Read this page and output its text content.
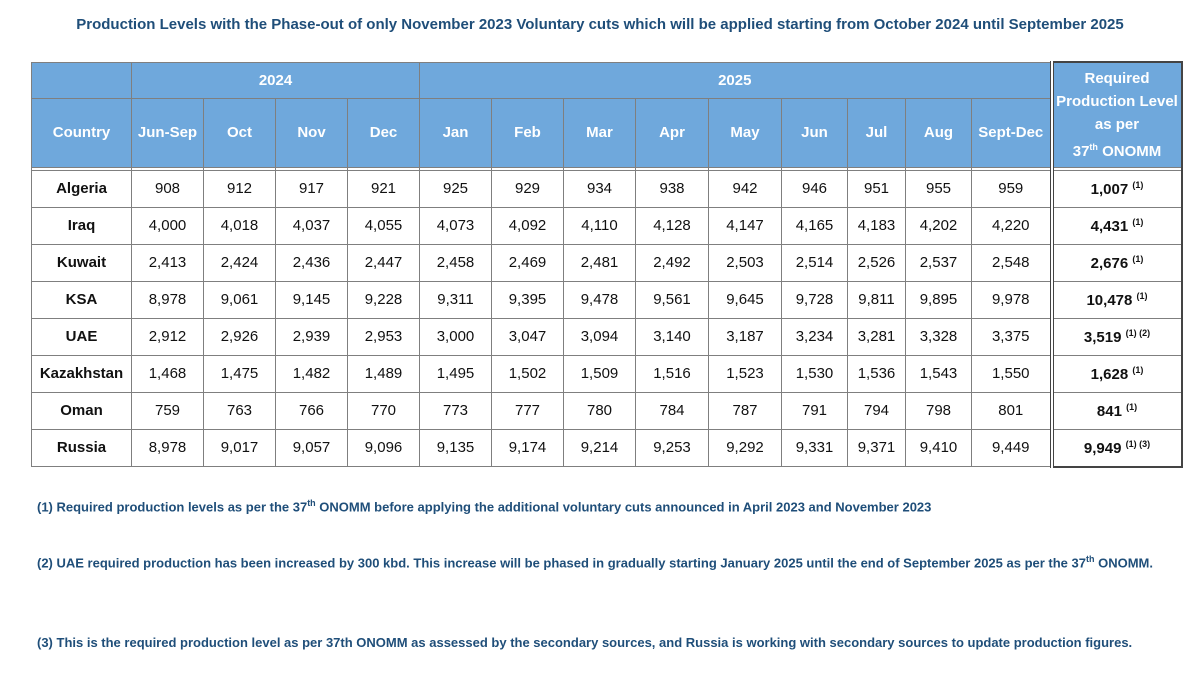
Production Levels with the Phase-out of only November 2023 Voluntary cuts which will be applied starting from October 2024 until September 2025
	2024				2025									Required Production Level as per
37th ONOMM
Country	Jun-Sep	Oct	Nov	Dec	Jan	Feb	Mar	Apr	May	Jun	Jul	Aug	Sept-Dec	

Algeria	908	912	917	921	925	929	934	938	942	946	951	955	959	1,007 $^{(1)}$
Iraq	4,000	4,018	4,037	4,055	4,073	4,092	4,110	4,128	4,147	4,165	4,183	4,202	4,220	4,431 $^{(1)}$
Kuwait	2,413	2,424	2,436	2,447	2,458	2,469	2,481	2,492	2,503	2,514	2,526	2,537	2,548	2,676 $^{(1)}$
KSA	8,978	9,061	9,145	9,228	9,311	9,395	9,478	9,561	9,645	9,728	9,811	9,895	9,978	10,478 $^{(1)}$
UAE	2,912	2,926	2,939	2,953	3,000	3,047	3,094	3,140	3,187	3,234	3,281	3,328	3,375	3,519 $^{(1) (2)}$
Kazakhstan	1,468	1,475	1,482	1,489	1,495	1,502	1,509	1,516	1,523	1,530	1,536	1,543	1,550	1,628 $^{(1)}$
Oman	759	763	766	770	773	777	780	784	787	791	794	798	801	841 $^{(1)}$
Russia	8,978	9,017	9,057	9,096	9,135	9,174	9,214	9,253	9,292	9,331	9,371	9,410	9,449	9,949 $^{(1) (3)}$
(1) Required production levels as per the 37th ONOMM before applying the additional voluntary cuts announced in April 2023 and November 2023
(2) UAE required production has been increased by 300 kbd. This increase will be phased in gradually starting January 2025 until the end of September 2025 as per the 37th ONOMM.
(3) This is the required production level as per 37th ONOMM as assessed by the secondary sources, and Russia is working with secondary sources to update production figures.
